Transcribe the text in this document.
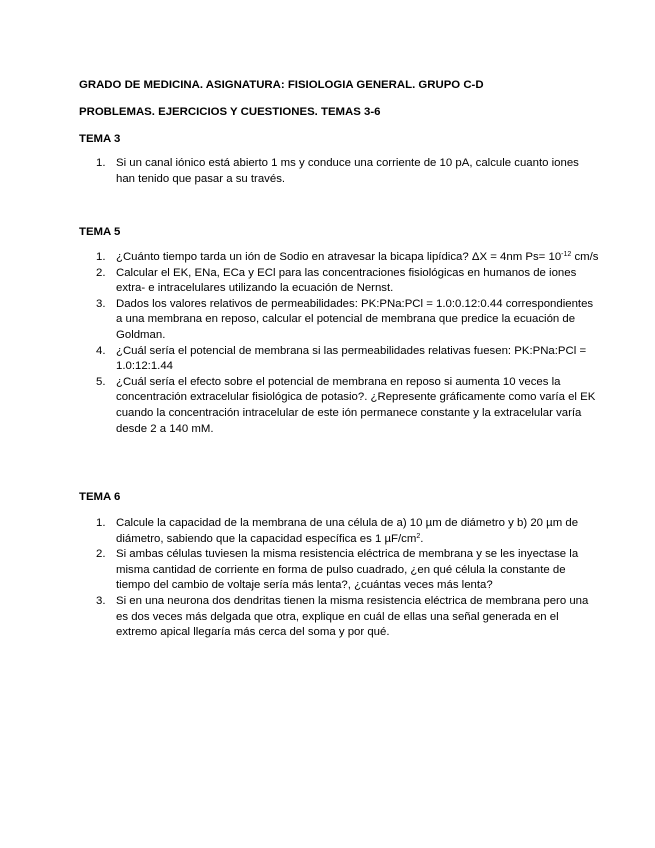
GRADO DE MEDICINA. ASIGNATURA: FISIOLOGIA GENERAL. GRUPO C-D
PROBLEMAS. EJERCICIOS Y CUESTIONES. TEMAS 3-6
TEMA 3
1. Si un canal iónico está abierto 1 ms y conduce una corriente de 10 pA, calcule cuanto iones han tenido que pasar a su través.
TEMA 5
1. ¿Cuánto tiempo tarda un ión de Sodio en atravesar la bicapa lipídica? ΔX = 4nm $Ps= 10^{-12}$ cm/s
2. Calcular el EK, ENa, ECa y ECl para las concentraciones fisiológicas en humanos de iones extra- e intracelulares utilizando la ecuación de Nernst.
3. Dados los valores relativos de permeabilidades: PK:PNa:PCl = 1.0:0.12:0.44 correspondientes a una membrana en reposo, calcular el potencial de membrana que predice la ecuación de Goldman.
4. ¿Cuál sería el potencial de membrana si las permeabilidades relativas fuesen: PK:PNa:PCl = 1.0:12:1.44
5. ¿Cuál sería el efecto sobre el potencial de membrana en reposo si aumenta 10 veces la concentración extracelular fisiológica de potasio?. ¿Represente gráficamente como varía el EK cuando la concentración intracelular de este ión permanece constante y la extracelular varía desde 2 a 140 mM.
TEMA 6
1. Calcule la capacidad de la membrana de una célula de a) 10 µm de diámetro y b) 20 µm de diámetro, sabiendo que la capacidad específica es 1 $\mu F/cm^2$.
2. Si ambas células tuviesen la misma resistencia eléctrica de membrana y se les inyectase la misma cantidad de corriente en forma de pulso cuadrado, ¿en qué célula la constante de tiempo del cambio de voltaje sería más lenta?, ¿cuántas veces más lenta?
3. Si en una neurona dos dendritas tienen la misma resistencia eléctrica de membrana pero una es dos veces más delgada que otra, explique en cuál de ellas una señal generada en el extremo apical llegaría más cerca del soma y por qué.
